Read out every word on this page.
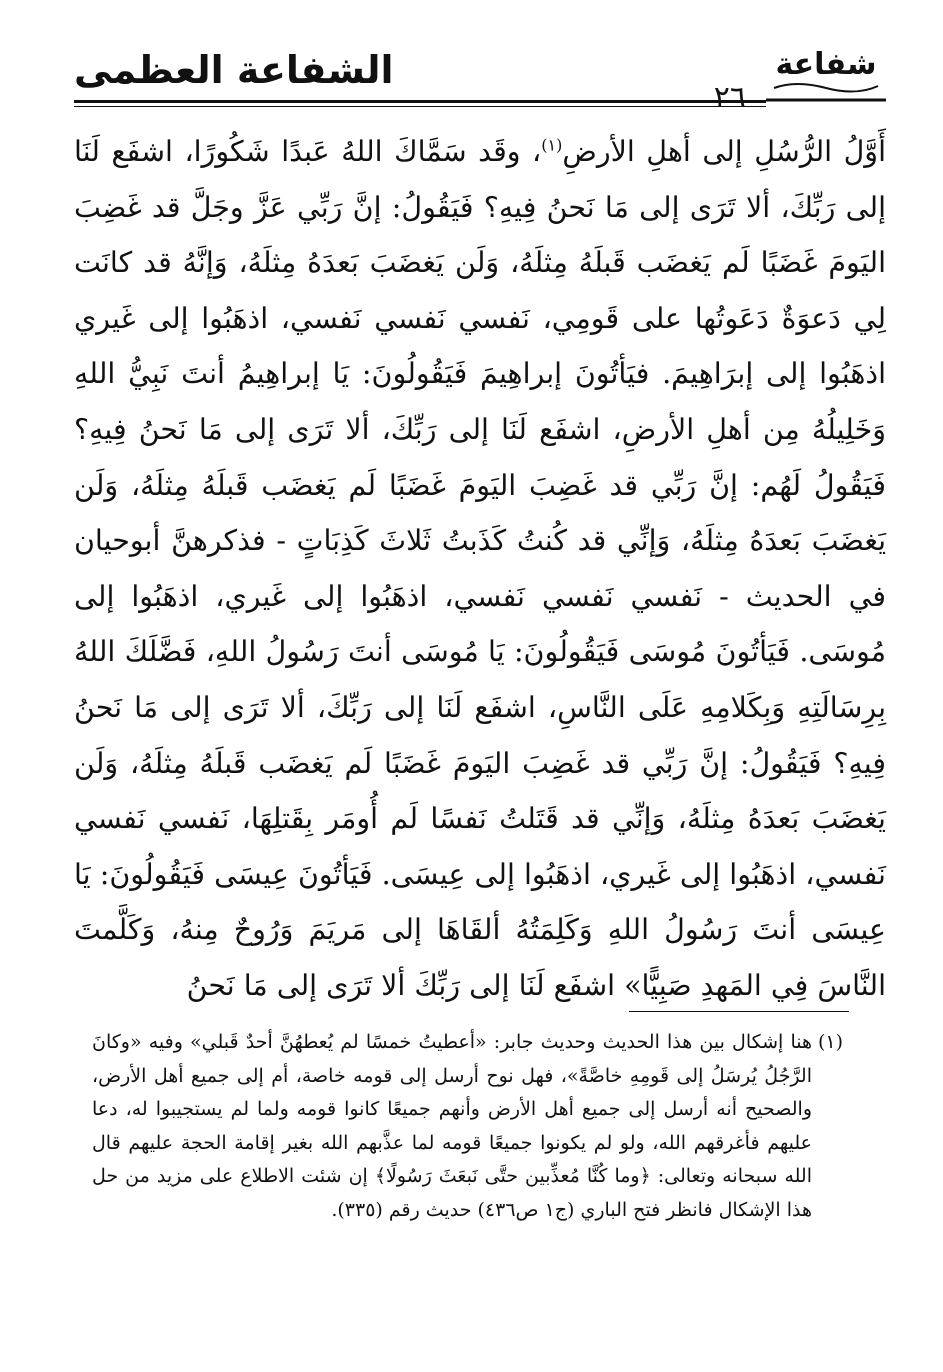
الشفاعة العظمى	شفاعة
٢٦

أَوَّلُ الرُّسُلِ إلى أهلِ الأرضِ$^{(١)}$، وقَد سَمَّاكَ اللهُ عَبدًا شَكُورًا، اشفَع لَنَا إلى رَبِّكَ، ألا تَرَى إلى مَا نَحنُ فِيهِ؟ فَيَقُولُ: إنَّ رَبِّي عَزَّ وجَلَّ قد غَضِبَ اليَومَ غَضَبًا لَم يَغضَب قَبلَهُ مِثلَهُ، وَلَن يَغضَبَ بَعدَهُ مِثلَهُ، وَإنَّهُ قد كانَت لِي دَعوَةٌ دَعَوتُها على قَومِي، نَفسي نَفسي نَفسي، اذهَبُوا إلى غَيري اذهَبُوا إلى إبرَاهِيمَ. فيَأتُونَ إبراهِيمَ فَيَقُولُونَ: يَا إبراهِيمُ أنتَ نَبِيُّ اللهِ وَخَلِيلُهُ مِن أهلِ الأرضِ، اشفَع لَنَا إلى رَبِّكَ، ألا تَرَى إلى مَا نَحنُ فِيهِ؟ فَيَقُولُ لَهُم: إنَّ رَبِّي قد غَضِبَ اليَومَ غَضَبًا لَم يَغضَب قَبلَهُ مِثلَهُ، وَلَن يَغضَبَ بَعدَهُ مِثلَهُ، وَإنِّي قد كُنتُ كَذَبتُ ثَلاثَ كَذِبَاتٍ - فذكرهنَّ أبوحيان في الحديث - نَفسي نَفسي نَفسي، اذهَبُوا إلى غَيري، اذهَبُوا إلى مُوسَى. فَيَأتُونَ مُوسَى فَيَقُولُونَ: يَا مُوسَى أنتَ رَسُولُ اللهِ، فَضَّلَكَ اللهُ بِرِسَالَتِهِ وَبِكَلامِهِ عَلَى النَّاسِ، اشفَع لَنَا إلى رَبِّكَ، ألا تَرَى إلى مَا نَحنُ فِيهِ؟ فَيَقُولُ: إنَّ رَبِّي قد غَضِبَ اليَومَ غَضَبًا لَم يَغضَب قَبلَهُ مِثلَهُ، وَلَن يَغضَبَ بَعدَهُ مِثلَهُ، وَإنِّي قد قَتَلتُ نَفسًا لَم أُومَر بِقَتلِهَا، نَفسي نَفسي نَفسي، اذهَبُوا إلى غَيري، اذهَبُوا إلى عِيسَى. فَيَأتُونَ عِيسَى فَيَقُولُونَ: يَا عِيسَى أنتَ رَسُولُ اللهِ وَكَلِمَتُهُ ألقَاهَا إلى مَريَمَ وَرُوحٌ مِنهُ، وَكَلَّمتَ النَّاسَ فِي المَهدِ صَبِيًّا» اشفَع لَنَا إلى رَبِّكَ ألا تَرَى إلى مَا نَحنُ

(١)
هنا إشكال بين هذا الحديث وحديث جابر: «أعطيتُ خمسًا لم يُعطهُنَّ أحدٌ قَبلي» وفيه «وكانَ الرَّجُلُ يُرسَلُ إلى قَومِهِ خاصَّةً»، فهل نوح أرسل إلى قومه خاصة، أم إلى جميع أهل الأرض، والصحيح أنه أرسل إلى جميع أهل الأرض وأنهم جميعًا كانوا قومه ولما لم يستجيبوا له، دعا عليهم فأغرقهم الله، ولو لم يكونوا جميعًا قومه لما عذَّبهم الله بغير إقامة الحجة عليهم قال الله سبحانه وتعالى: ﴿وما كُنَّا مُعذِّبين حتَّى نَبعَثَ رَسُولًا﴾ إن شئت الاطلاع على مزيد من حل هذا الإشكال فانظر فتح الباري (ج١ ص٤٣٦) حديث رقم (٣٣٥).
